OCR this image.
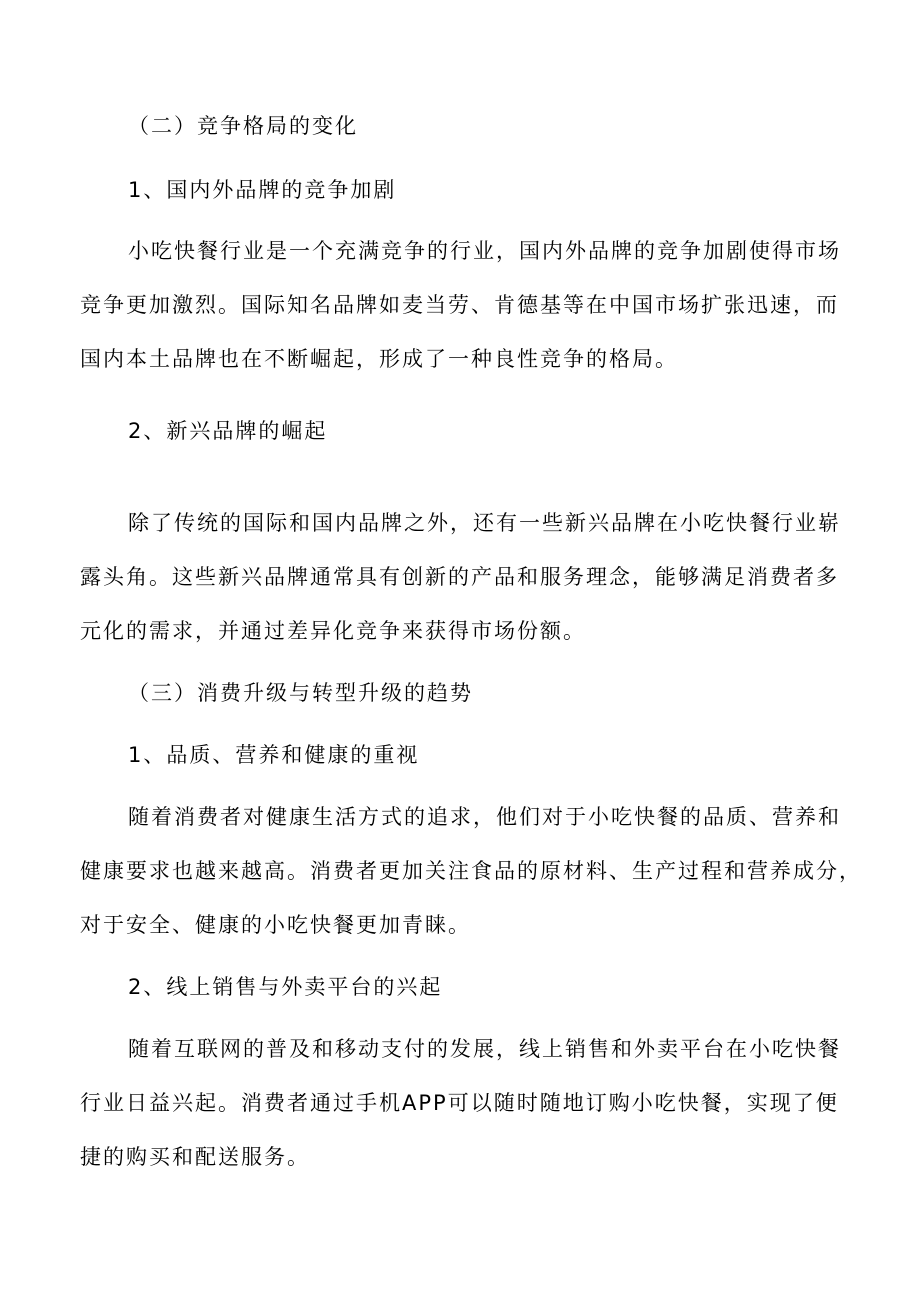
（二）竞争格局的变化

1、国内外品牌的竞争加剧

小吃快餐行业是一个充满竞争的行业，国内外品牌的竞争加剧使得市场

竞争更加激烈。国际知名品牌如麦当劳、肯德基等在中国市场扩张迅速，而

国内本土品牌也在不断崛起，形成了一种良性竞争的格局。

2、新兴品牌的崛起

除了传统的国际和国内品牌之外，还有一些新兴品牌在小吃快餐行业崭

露头角。这些新兴品牌通常具有创新的产品和服务理念，能够满足消费者多

元化的需求，并通过差异化竞争来获得市场份额。

（三）消费升级与转型升级的趋势

1、品质、营养和健康的重视

随着消费者对健康生活方式的追求，他们对于小吃快餐的品质、营养和

健康要求也越来越高。消费者更加关注食品的原材料、生产过程和营养成分，

对于安全、健康的小吃快餐更加青睐。

2、线上销售与外卖平台的兴起

随着互联网的普及和移动支付的发展，线上销售和外卖平台在小吃快餐

行业日益兴起。消费者通过手机APP可以随时随地订购小吃快餐，实现了便

捷的购买和配送服务。
